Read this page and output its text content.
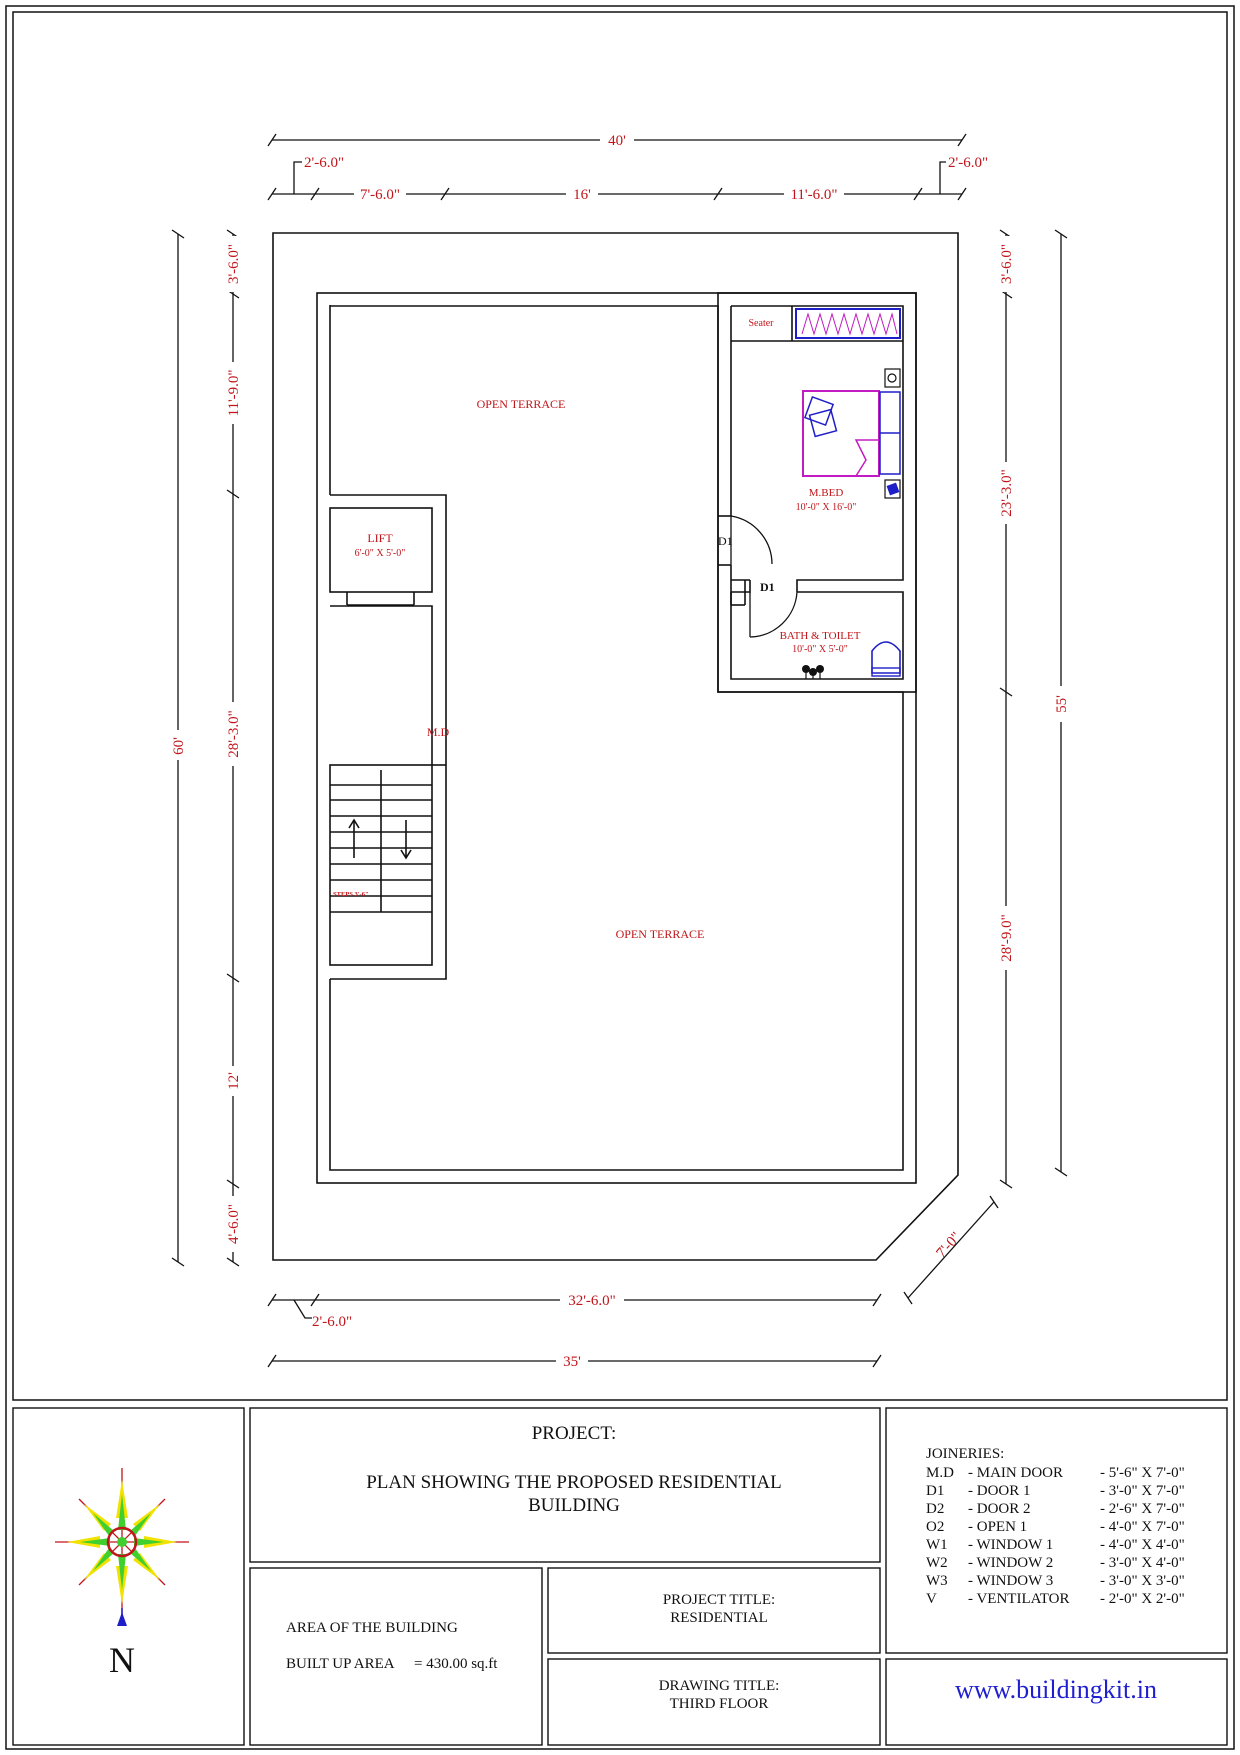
40'
2'-6.0"	2'-6.0"
7'-6.0"	16'	11'-6.0"
60'
3'-6.0"
11'-9.0"
28'-3.0"
12'
4'-6.0"
3'-6.0"
23'-3.0"
28'-9.0"
55'
32'-6.0"
2'-6.0"
35'
7'-0"
OPEN TERRACE
OPEN TERRACE
LIFT
6'-0" X 5'-0"
M.D
STEPS 3'-6"
Seater
M.BED
10'-0" X 16'-0"
D1
D1
BATH & TOILET
10'-0" X 5'-0"
N
PROJECT:
PLAN SHOWING THE PROPOSED RESIDENTIAL
BUILDING
AREA OF THE BUILDING
BUILT UP AREA = 430.00 sq.ft
PROJECT TITLE:
RESIDENTIAL
DRAWING TITLE:
THIRD FLOOR	www.buildingkit.in
JOINERIES:
M.D - MAIN DOOR - 5'-6" X 7'-0"
D1 - DOOR 1	- 3'-0" X 7'-0"
D2 - DOOR 2	- 2'-6" X 7'-0"
O2 - OPEN 1	- 4'-0" X 7'-0"
W1 - WINDOW 1	- 4'-0" X 4'-0"
W2 - WINDOW 2	- 3'-0" X 4'-0"
W3 - WINDOW 3	- 3'-0" X 3'-0"
V - VENTILATOR - 2'-0" X 2'-0"
